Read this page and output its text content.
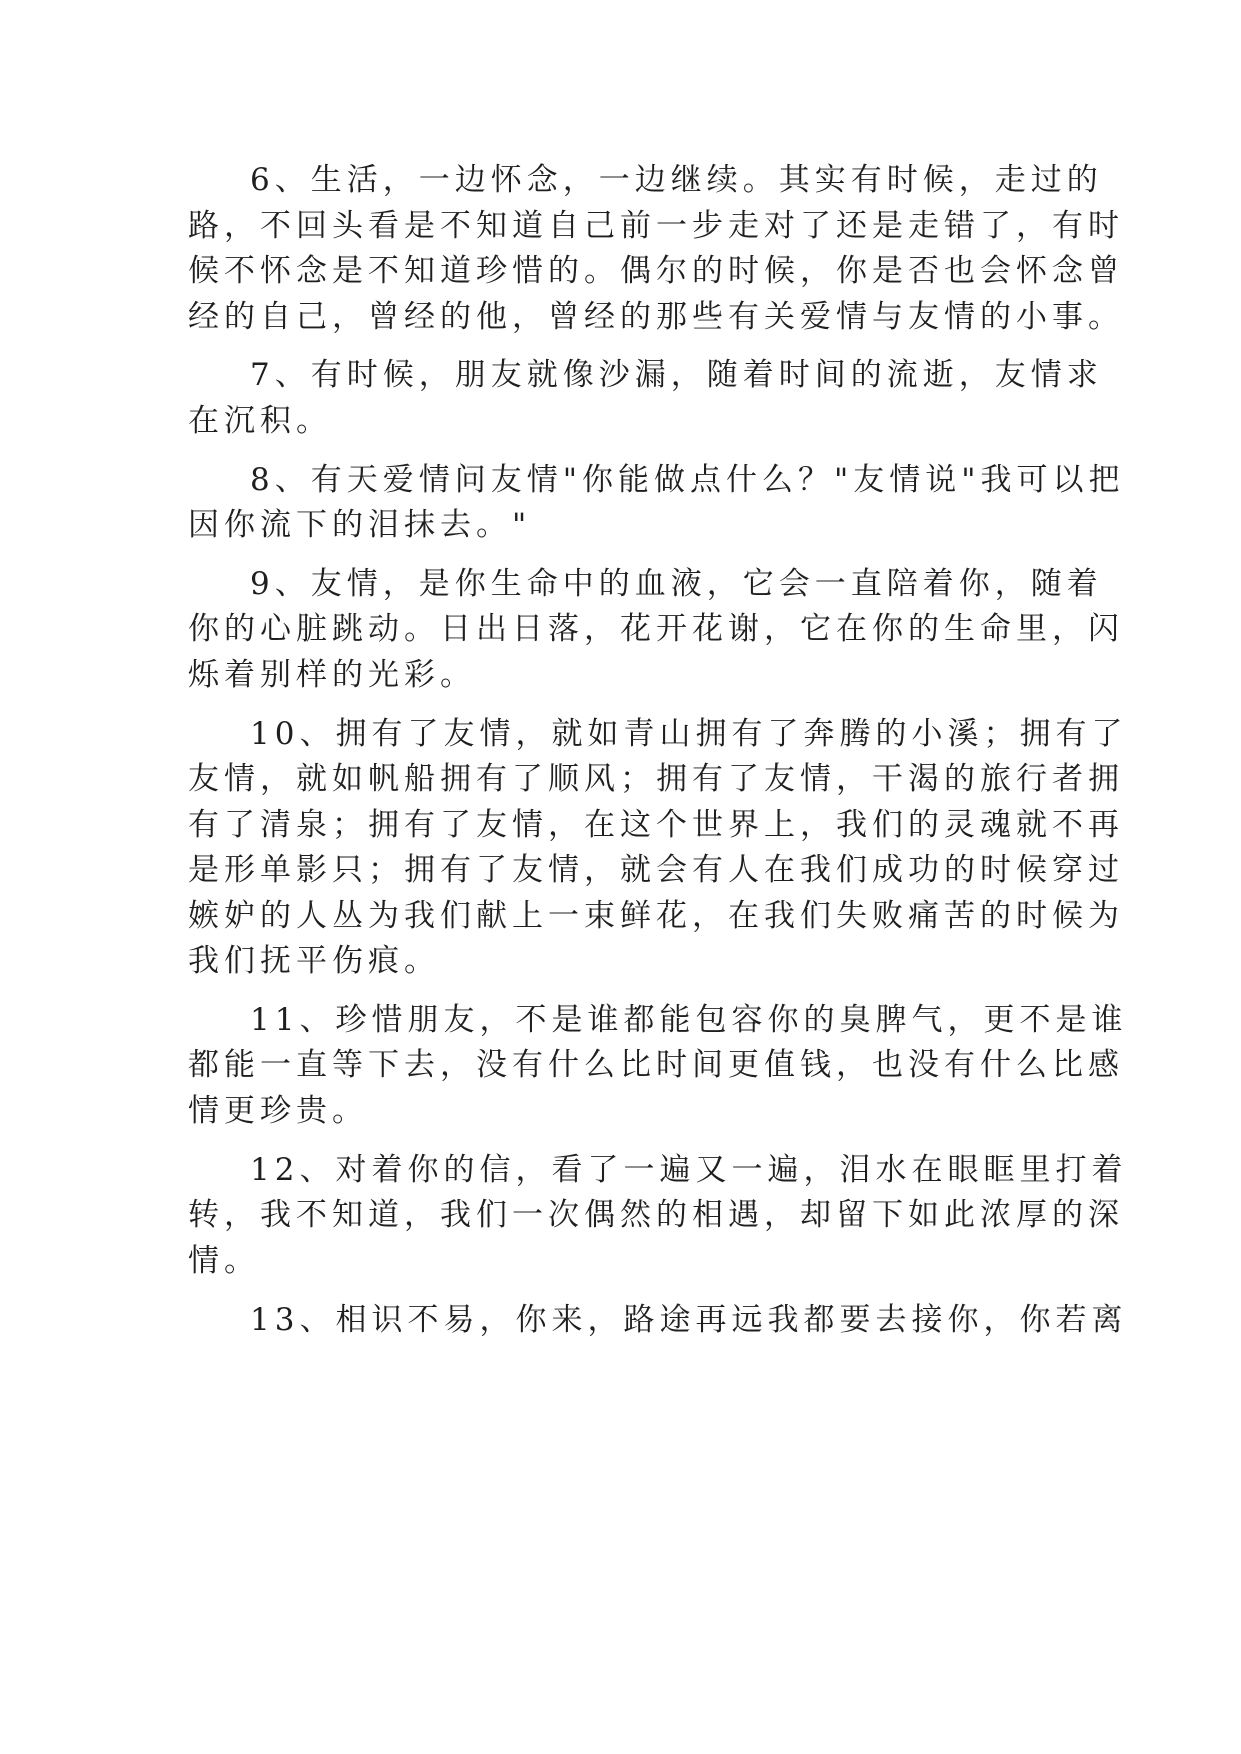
6、生活，一边怀念，一边继续。其实有时候，走过的
路，不回头看是不知道自己前一步走对了还是走错了，有时
候不怀念是不知道珍惜的。偶尔的时候，你是否也会怀念曾
经的自己，曾经的他，曾经的那些有关爱情与友情的小事。
7、有时候，朋友就像沙漏，随着时间的流逝，友情求
在沉积。
8、有天爱情问友情"你能做点什么？"友情说"我可以把
因你流下的泪抹去。"
9、友情，是你生命中的血液，它会一直陪着你，随着
你的心脏跳动。日出日落，花开花谢，它在你的生命里，闪
烁着别样的光彩。
10、拥有了友情，就如青山拥有了奔腾的小溪；拥有了
友情，就如帆船拥有了顺风；拥有了友情，干渴的旅行者拥
有了清泉；拥有了友情，在这个世界上，我们的灵魂就不再
是形单影只；拥有了友情，就会有人在我们成功的时候穿过
嫉妒的人丛为我们献上一束鲜花，在我们失败痛苦的时候为
我们抚平伤痕。
11、珍惜朋友，不是谁都能包容你的臭脾气，更不是谁
都能一直等下去，没有什么比时间更值钱，也没有什么比感
情更珍贵。
12、对着你的信，看了一遍又一遍，泪水在眼眶里打着
转，我不知道，我们一次偶然的相遇，却留下如此浓厚的深
情。
13、相识不易，你来，路途再远我都要去接你，你若离
